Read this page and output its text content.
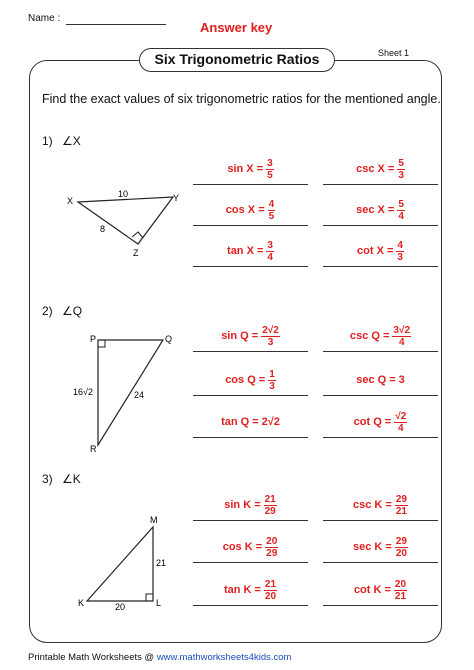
Name :
Answer key
Six Trigonometric Ratios	Sheet 1
Find the exact values of six trigonometric ratios for the mentioned angle.
1) ∠X
X	Y
Z
10
8
2) ∠Q
P	Q
R
16√2	24
3) ∠K
M
K	L
21
20
$\sin X = \frac{3}{5}$	$\csc X = \frac{5}{3}$
$\cos X = \frac{4}{5}$	$\sec X = \frac{5}{4}$
$\tan X = \frac{3}{4}$	$\cot X = \frac{4}{3}$
$\sin Q = \frac{2√2}{3}$	$\csc Q = \frac{3√2}{4}$
$\cos Q = \frac{1}{3}$	sec Q = 3
tan Q = 2√2	$\cot Q = \frac{√2}{4}$
$\sin K = \frac{21}{29}$	$\csc K = \frac{29}{21}$
$\cos K = \frac{20}{29}$	$\sec K = \frac{29}{20}$
$\tan K = \frac{21}{20}$	$\cot K = \frac{20}{21}$
Printable Math Worksheets @ www.mathworksheets4kids.com
